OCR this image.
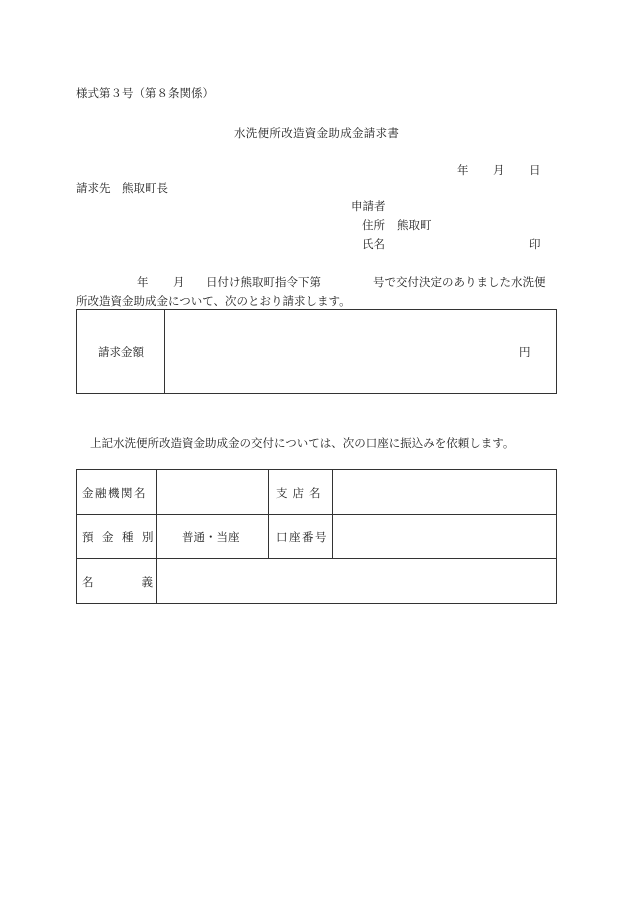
様式第３号（第８条関係）
水洗便所改造資金助成金請求書
年 月 日
請求先　熊取町長
申請者
住所 熊取町
氏名	印
年 月 日付け熊取町指令下第	号で交付決定のありました水洗便
所改造資金助成金について、次のとおり請求します。
請求金額	円
上記水洗便所改造資金助成金の交付については、次の口座に振込みを依頼します。
金融機関名	支店名
預金種別 普通・当座	口座番号
名義
